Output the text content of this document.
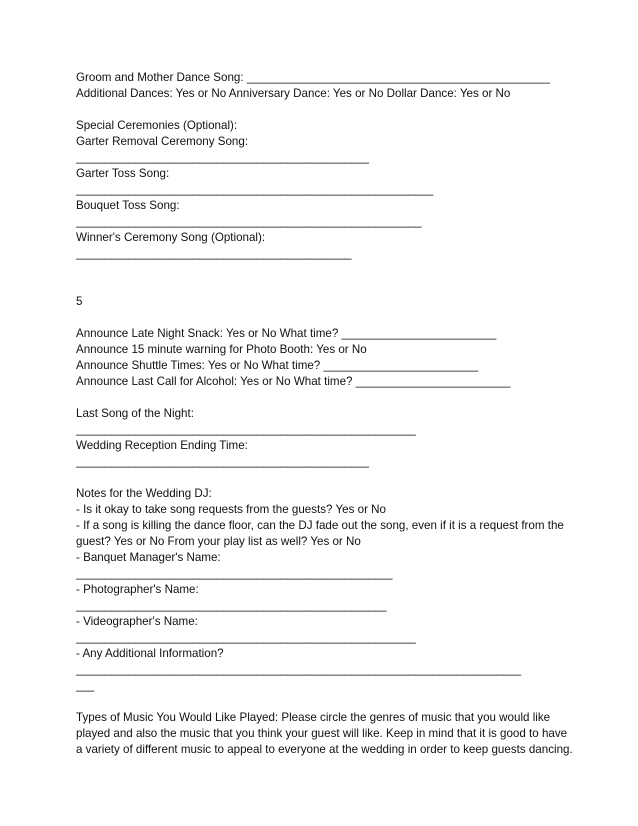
Groom and Mother Dance Song: _______________________________________________
Additional Dances: Yes or No Anniversary Dance: Yes or No Dollar Dance: Yes or No
Special Ceremonies (Optional):
Garter Removal Ceremony Song:
__________________________________________________
Garter Toss Song:
_____________________________________________________________
Bouquet Toss Song:
___________________________________________________________
Winner's Ceremony Song (Optional):
_______________________________________________
5
Announce Late Night Snack: Yes or No What time? ________________________
Announce 15 minute warning for Photo Booth: Yes or No
Announce Shuttle Times: Yes or No What time? ________________________
Announce Last Call for Alcohol: Yes or No What time? ________________________
Last Song of the Night:
__________________________________________________________
Wedding Reception Ending Time:
__________________________________________________
Notes for the Wedding DJ:
- Is it okay to take song requests from the guests? Yes or No
- If a song is killing the dance floor, can the DJ fade out the song, even if it is a request from the guest? Yes or No From your play list as well? Yes or No
- Banquet Manager's Name:
______________________________________________________
- Photographer's Name:
_____________________________________________________
- Videographer's Name:
__________________________________________________________
- Any Additional Information?
____________________________________________________________________________
___
Types of Music You Would Like Played: Please circle the genres of music that you would like played and also the music that you think your guest will like. Keep in mind that it is good to have a variety of different music to appeal to everyone at the wedding in order to keep guests dancing.
